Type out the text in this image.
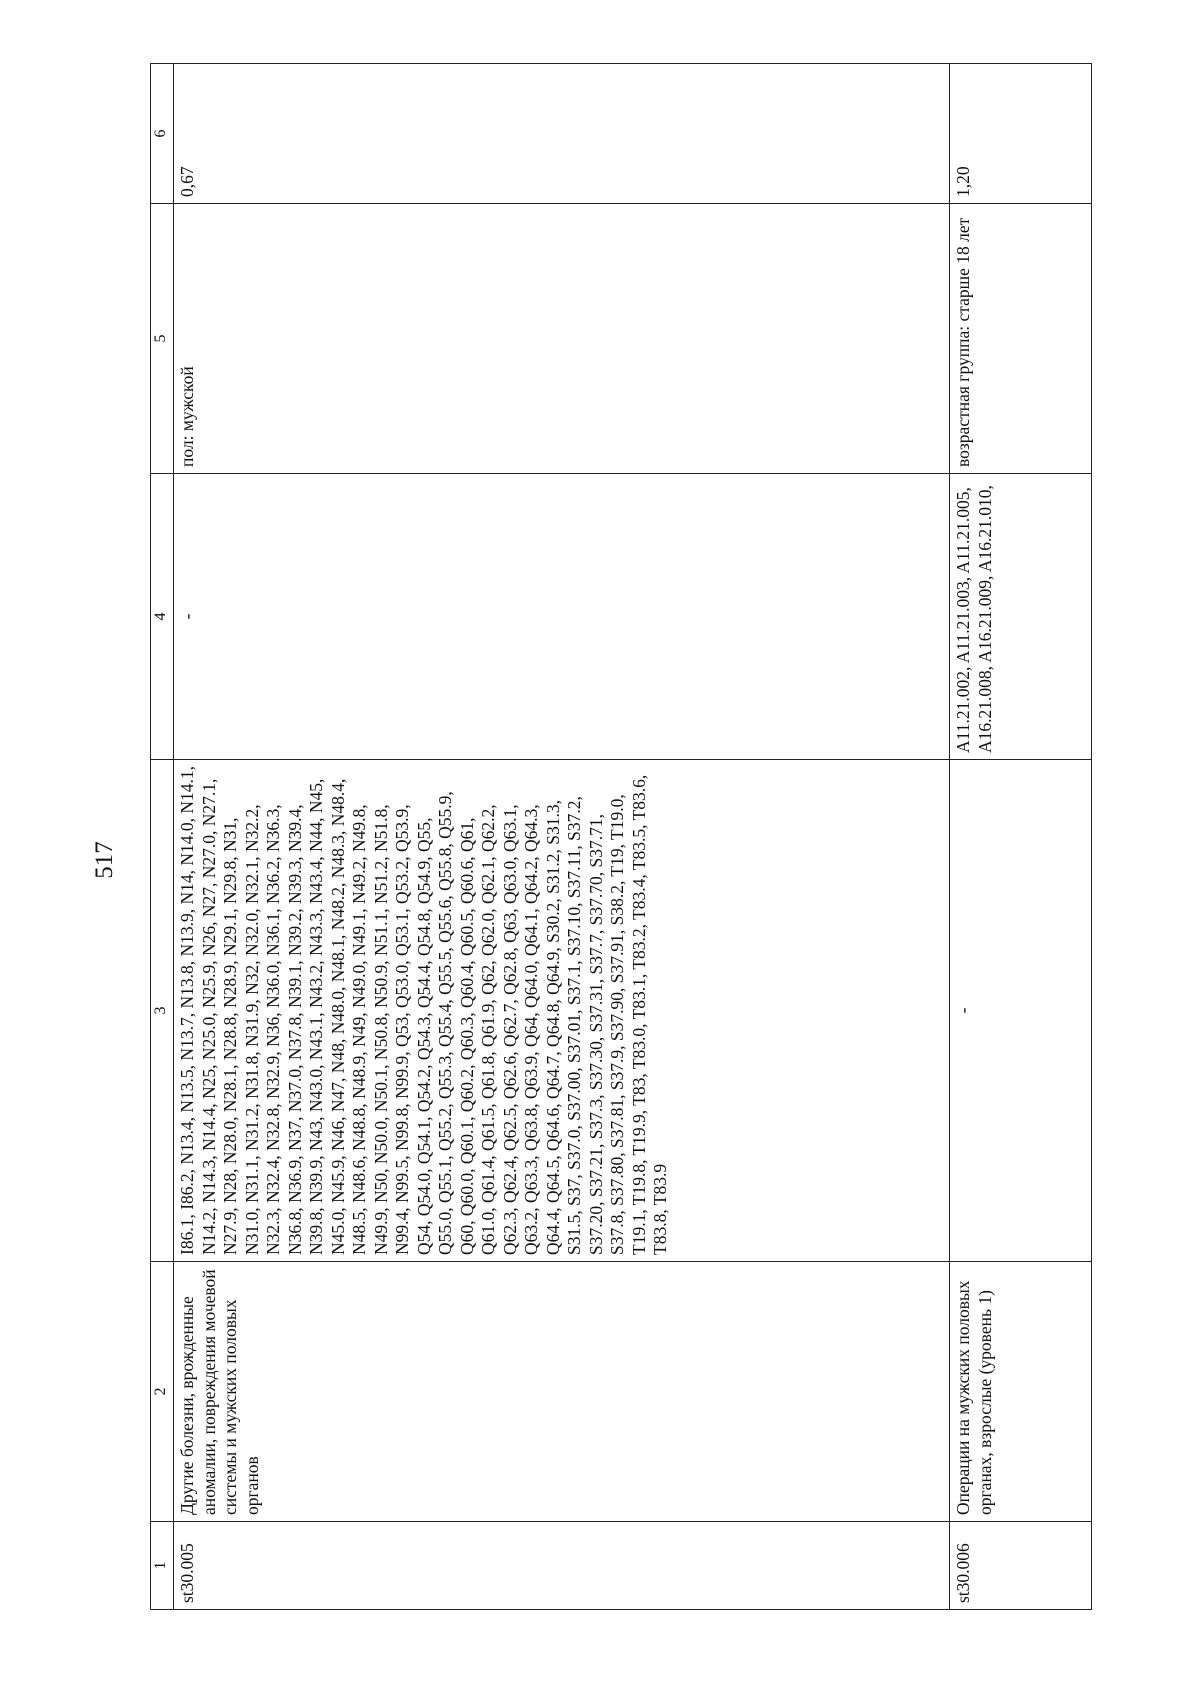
517
1	2	3	4	5	6
st30.005	Другие болезни, врожденные аномалии, повреждения мочевой системы и мужских половых органов	I86.1, I86.2, N13.4, N13.5, N13.7, N13.8, N13.9, N14, N14.0, N14.1, N14.2, N14.3, N14.4, N25, N25.0, N25.9, N26, N27, N27.0, N27.1, N27.9, N28, N28.0, N28.1, N28.8, N28.9, N29.1, N29.8, N31, N31.0, N31.1, N31.2, N31.8, N31.9, N32, N32.0, N32.1, N32.2, N32.3, N32.4, N32.8, N32.9, N36, N36.0, N36.1, N36.2, N36.3, N36.8, N36.9, N37, N37.0, N37.8, N39.1, N39.2, N39.3, N39.4, N39.8, N39.9, N43, N43.0, N43.1, N43.2, N43.3, N43.4, N44, N45, N45.0, N45.9, N46, N47, N48, N48.0, N48.1, N48.2, N48.3, N48.4, N48.5, N48.6, N48.8, N48.9, N49, N49.0, N49.1, N49.2, N49.8, N49.9, N50, N50.0, N50.1, N50.8, N50.9, N51.1, N51.2, N51.8, N99.4, N99.5, N99.8, N99.9, Q53, Q53.0, Q53.1, Q53.2, Q53.9, Q54, Q54.0, Q54.1, Q54.2, Q54.3, Q54.4, Q54.8, Q54.9, Q55, Q55.0, Q55.1, Q55.2, Q55.3, Q55.4, Q55.5, Q55.6, Q55.8, Q55.9, Q60, Q60.0, Q60.1, Q60.2, Q60.3, Q60.4, Q60.5, Q60.6, Q61, Q61.0, Q61.4, Q61.5, Q61.8, Q61.9, Q62, Q62.0, Q62.1, Q62.2, Q62.3, Q62.4, Q62.5, Q62.6, Q62.7, Q62.8, Q63, Q63.0, Q63.1, Q63.2, Q63.3, Q63.8, Q63.9, Q64, Q64.0, Q64.1, Q64.2, Q64.3, Q64.4, Q64.5, Q64.6, Q64.7, Q64.8, Q64.9, S30.2, S31.2, S31.3, S31.5, S37, S37.0, S37.00, S37.01, S37.1, S37.10, S37.11, S37.2, S37.20, S37.21, S37.3, S37.30, S37.31, S37.7, S37.70, S37.71, S37.8, S37.80, S37.81, S37.9, S37.90, S37.91, S38.2, T19, T19.0, T19.1, T19.8, T19.9, T83, T83.0, T83.1, T83.2, T83.4, T83.5, T83.6, T83.8, T83.9	-	пол: мужской	0,67
st30.006	Операции на мужских половых органах, взрослые (уровень 1)	-	A11.21.002, A11.21.003, A11.21.005, A16.21.008, A16.21.009, A16.21.010,	возрастная группа: старше 18 лет	1,20
